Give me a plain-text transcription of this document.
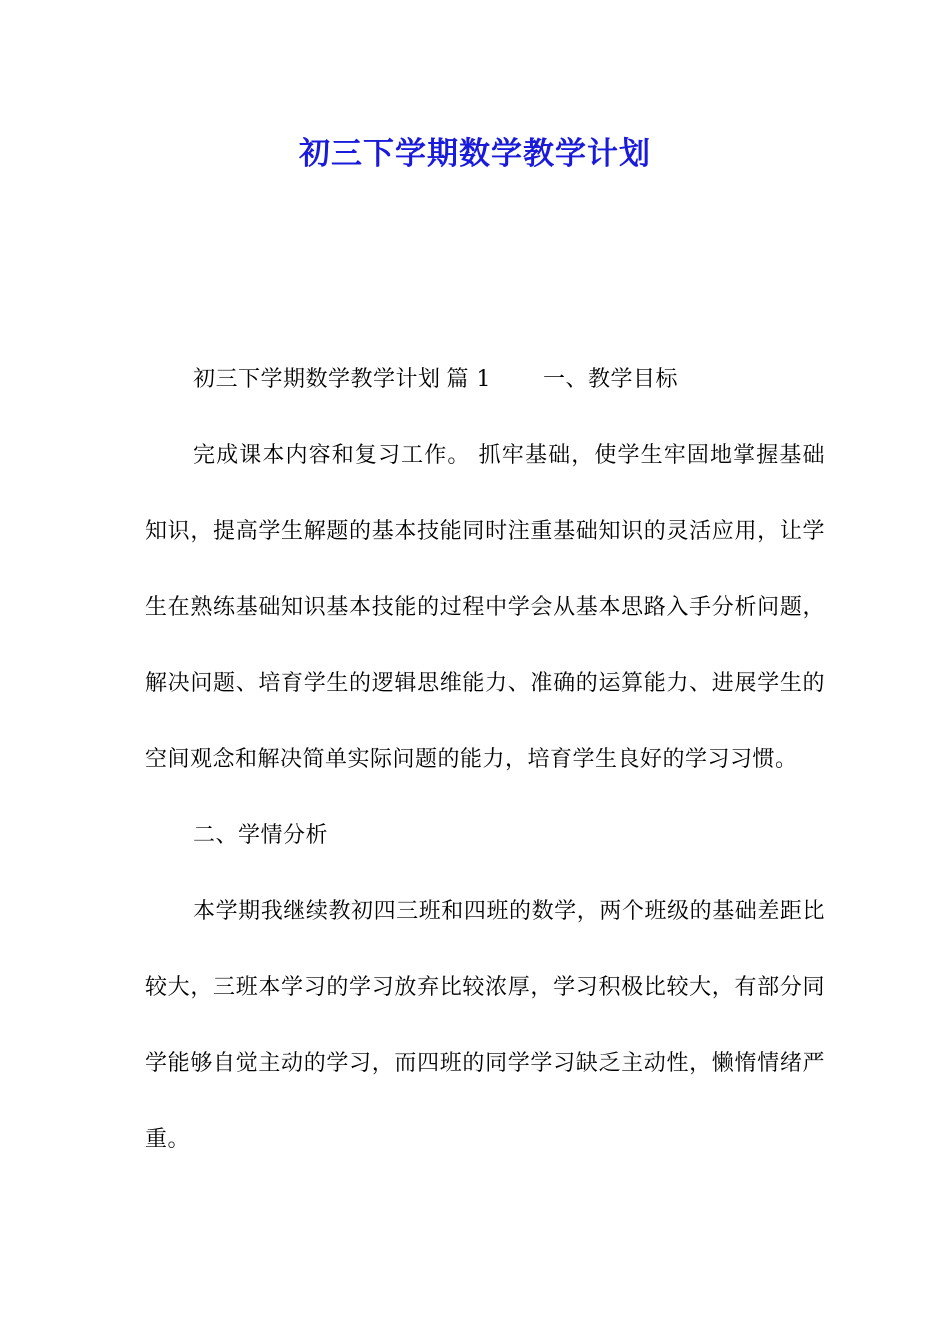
初三下学期数学教学计划

初三下学期数学教学计划 篇 1 一、教学目标

完成课本内容和复习工作。 抓牢基础，使学生牢固地掌握基础知识，提高学生解题的基本技能同时注重基础知识的灵活应用，让学生在熟练基础知识基本技能的过程中学会从基本思路入手分析问题，解决问题、培育学生的逻辑思维能力、准确的运算能力、进展学生的空间观念和解决简单实际问题的能力，培育学生良好的学习习惯。

二、学情分析

本学期我继续教初四三班和四班的数学，两个班级的基础差距比较大，三班本学习的学习放弃比较浓厚，学习积极比较大，有部分同学能够自觉主动的学习，而四班的同学学习缺乏主动性，懒惰情绪严重。
